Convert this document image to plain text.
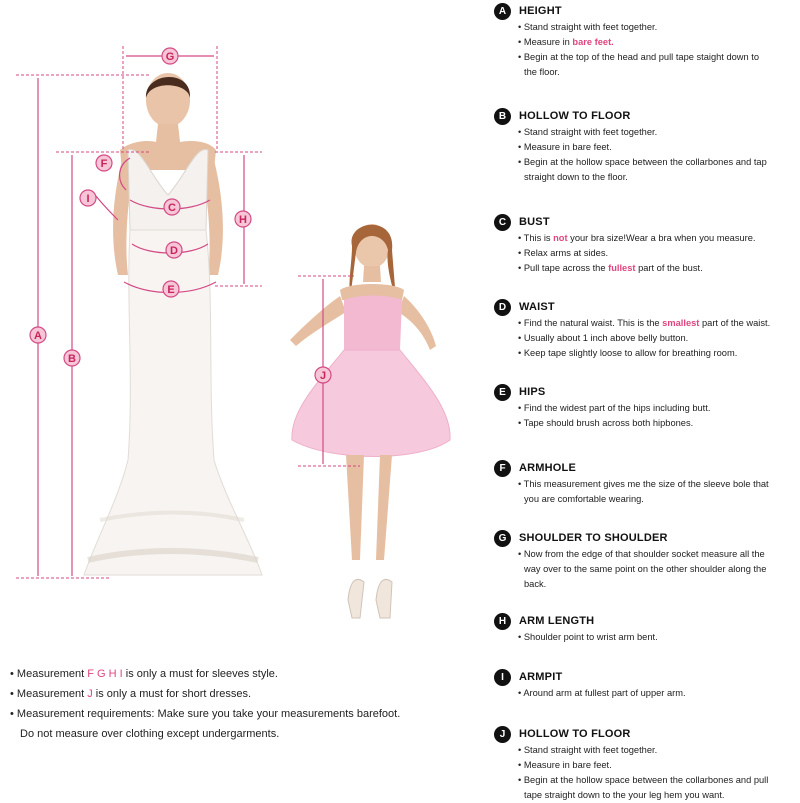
G
F
I
C
H
D
E
A
B
J
• Measurement F G H I is only a must for sleeves style.
• Measurement J is only a must for short dresses.
• Measurement requirements: Make sure you take your measurements barefoot.
Do not measure over clothing except undergarments.
A	HEIGHT
• Stand straight with feet together.
• Measure in bare feet.
• Begin at the top of the head and pull tape staight down to
the floor.
B	HOLLOW TO FLOOR
• Stand straight with feet together.
• Measure in bare feet.
• Begin at the hollow space between the collarbones and tap
straight down to the floor.
C	BUST
• This is not your bra size!Wear a bra when you measure.
• Relax arms at sides.
• Pull tape across the fullest part of the bust.
D	WAIST
• Find the natural waist. This is the smallest part of the waist.
• Usually about 1 inch above belly button.
• Keep tape slightly loose to allow for breathing room.
E	HIPS
• Find the widest part of the hips including butt.
• Tape should brush across both hipbones.
F	ARMHOLE
• This measurement gives me the size of the sleeve bole that
you are comfortable wearing.
G	SHOULDER TO SHOULDER
• Now from the edge of that shoulder socket measure all the
way over to the same point on the other shoulder along the
back.
H	ARM LENGTH
• Shoulder point to wrist arm bent.
I	ARMPIT
• Around arm at fullest part of upper arm.
J	HOLLOW TO FLOOR
• Stand straight with feet together.
• Measure in bare feet.
• Begin at the hollow space between the collarbones and pull
tape straight down to the your leg hem you want.
